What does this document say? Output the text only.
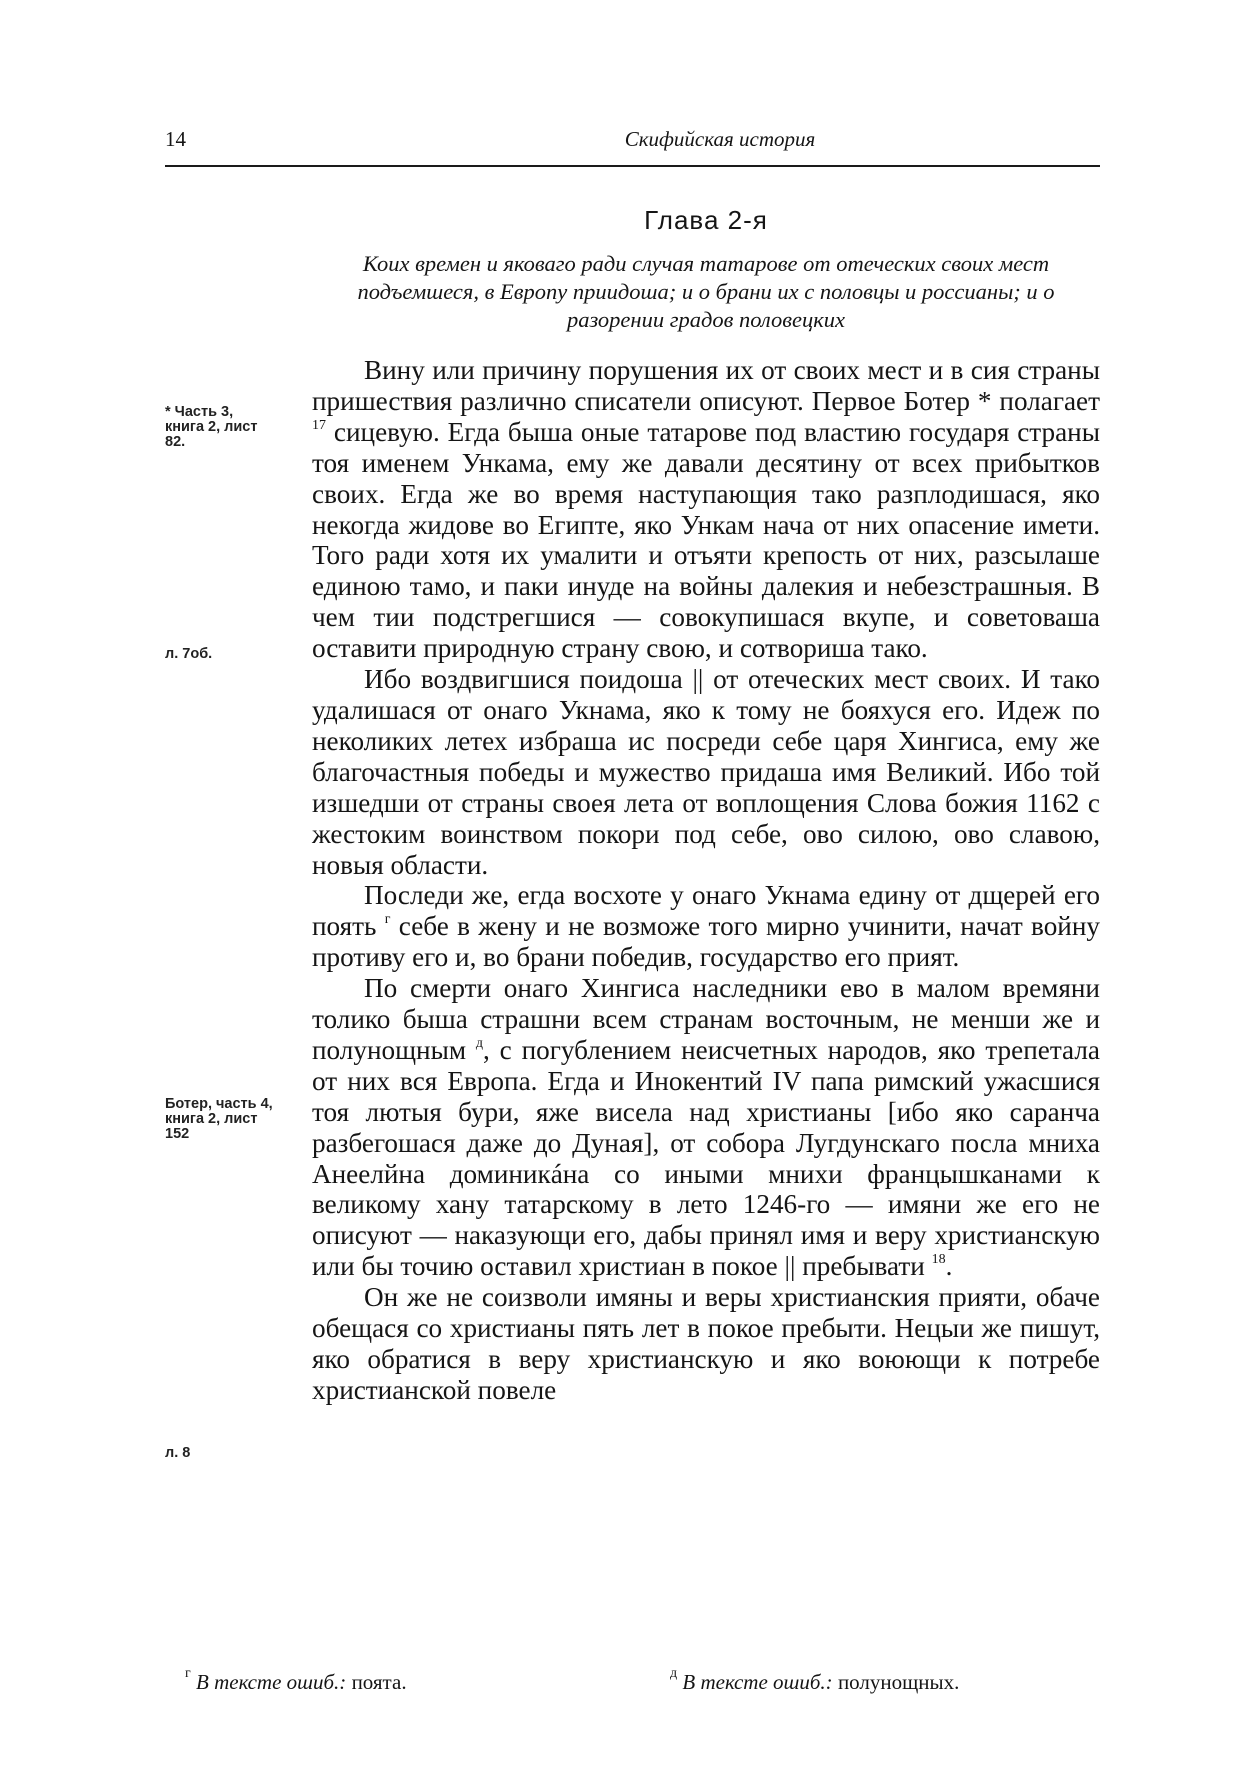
14	Скифийская история
Глава 2-я
Коих времен и яковаго ради случая татарове от отеческих своих мест подъемшеся, в Европу приидоша; и о брани их с половцы и россианы; и о разорении градов половецких
* Часть 3, книга 2, лист 82.
л. 7об.
Ботер, часть 4, книга 2, лист 152
л. 8

Вину или причину порушения их от своих мест и в сия страны пришествия различно списатели описуют. Первое Ботер * полагает $^{17}$ сицевую. Егда быша оные татарове под властию государя страны тоя именем Ункама, ему же давали десятину от всех прибытков своих. Егда же во время наступающия тако разплодишася, яко некогда жидове во Египте, яко Ункам нача от них опасение имети. Того ради хотя их умалити и отъяти крепость от них, разсылаше единою тамо, и паки инуде на войны далекия и небезстрашныя. В чем тии подстрегшися — совокупишася вкупе, и советоваша оставити природную страну свою, и сотвориша тако.

Ибо воздвигшися поидоша || от отеческих мест своих. И тако удалишася от онаго Укнама, яко к тому не бояхуся его. Идеж по неколиких летех избраша ис посреди себе царя Хингиса, ему же благочастныя победы и мужество придаша имя Великий. Ибо той изшедши от страны своея лета от воплощения Слова божия 1162 с жестоким воинством покори под себе, ово силою, ово славою, новыя области.

Последи же, егда восхоте у онаго Укнама едину от дщерей его поять $^г$ себе в жену и не возможе того мирно учинити, начат войну противу его и, во брани победив, государство его прият.

По смерти онаго Хингиса наследники ево в малом времяни толико быша страшни всем странам восточным, не менши же и полунощным $^д$, с погублением неисчетных народов, яко трепетала от них вся Европа. Егда и Инокентий IV папа римский ужасшися тоя лютыя бури, яже висела над христианы [ибо яко саранча разбегошася даже до Дуная], от собора Лугдунскаго посла мниха Анеелйна доминикáна со иными мнихи францышканами к великому хану татарскому в лето 1246-го — имяни же его не описуют — наказующи его, дабы принял имя и веру христианскую или бы точию оставил христиан в покое || пребывати $^{18}$.

Он же не соизволи имяны и веры христианския прияти, обаче обещася со христианы пять лет в покое пребыти. Нецыи же пишут, яко обратися в веру христианскую и яко воюющи к потребе христианской повеле

$^г$ В тексте ошиб.: поята.	$^д$ В тексте ошиб.: полунощных.
